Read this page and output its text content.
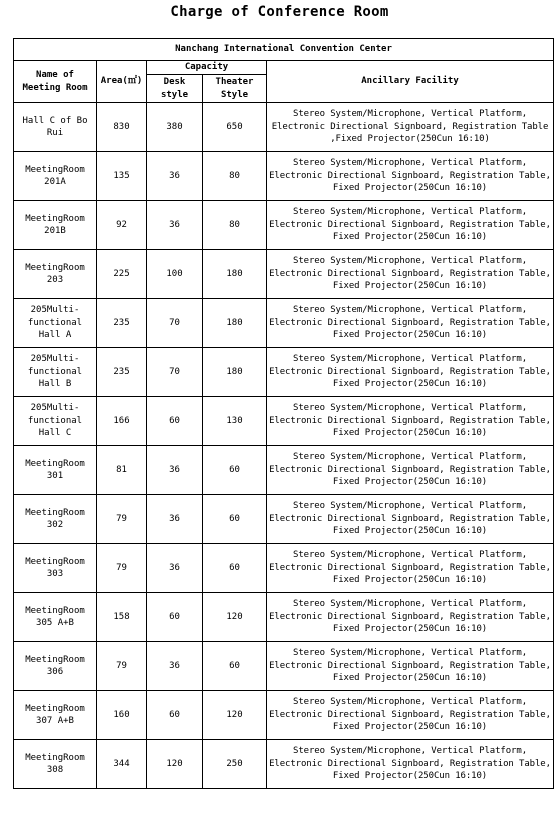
Charge of Conference Room
Nanchang International Convention Center				
Name of Meeting Room	Area(㎡)	Capacity		Ancillary Facility
		Desk style	Theater Style	
Hall C of Bo Rui	830	380	650	Stereo System/Microphone, Vertical Platform, Electronic Directional Signboard, Registration Table ,Fixed Projector(250Cun 16:10)
MeetingRoom 201A	135	36	80	Stereo System/Microphone, Vertical Platform, Electronic Directional Signboard, Registration Table, Fixed Projector(250Cun 16:10)
MeetingRoom 201B	92	36	80	Stereo System/Microphone, Vertical Platform, Electronic Directional Signboard, Registration Table, Fixed Projector(250Cun 16:10)
MeetingRoom 203	225	100	180	Stereo System/Microphone, Vertical Platform, Electronic Directional Signboard, Registration Table, Fixed Projector(250Cun 16:10)
205Multi-functional Hall A	235	70	180	Stereo System/Microphone, Vertical Platform, Electronic Directional Signboard, Registration Table, Fixed Projector(250Cun 16:10)
205Multi-functional Hall B	235	70	180	Stereo System/Microphone, Vertical Platform, Electronic Directional Signboard, Registration Table, Fixed Projector(250Cun 16:10)
205Multi-functional Hall C	166	60	130	Stereo System/Microphone, Vertical Platform, Electronic Directional Signboard, Registration Table, Fixed Projector(250Cun 16:10)
MeetingRoom 301	81	36	60	Stereo System/Microphone, Vertical Platform, Electronic Directional Signboard, Registration Table, Fixed Projector(250Cun 16:10)
MeetingRoom 302	79	36	60	Stereo System/Microphone, Vertical Platform, Electronic Directional Signboard, Registration Table, Fixed Projector(250Cun 16:10)
MeetingRoom 303	79	36	60	Stereo System/Microphone, Vertical Platform, Electronic Directional Signboard, Registration Table, Fixed Projector(250Cun 16:10)
MeetingRoom 305 A+B	158	60	120	Stereo System/Microphone, Vertical Platform, Electronic Directional Signboard, Registration Table, Fixed Projector(250Cun 16:10)
MeetingRoom 306	79	36	60	Stereo System/Microphone, Vertical Platform, Electronic Directional Signboard, Registration Table, Fixed Projector(250Cun 16:10)
MeetingRoom 307 A+B	160	60	120	Stereo System/Microphone, Vertical Platform, Electronic Directional Signboard, Registration Table, Fixed Projector(250Cun 16:10)
MeetingRoom 308	344	120	250	Stereo System/Microphone, Vertical Platform, Electronic Directional Signboard, Registration Table, Fixed Projector(250Cun 16:10)
